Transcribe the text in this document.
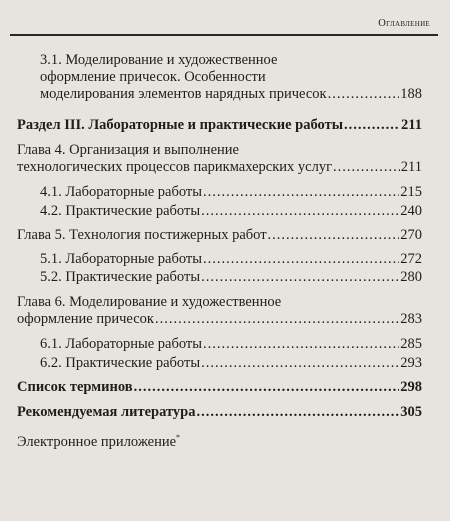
Оглавление
3.1. Моделирование и художественное
оформление причесок. Особенности
моделирования элементов нарядных причесок .....	188
Раздел III. Лабораторные и практические работы .....	211
Глава 4. Организация и выполнение
технологических процессов парикмахерских услуг .....	211
4.1. Лабораторные работы .....	215
4.2. Практические работы .....	240
Глава 5. Технология постижерных работ .....	270
5.1. Лабораторные работы .....	272
5.2. Практические работы .....	280
Глава 6. Моделирование и художественное
оформление причесок .....	283
6.1. Лабораторные работы .....	285
6.2. Практические работы .....	293
Список терминов .....	298
Рекомендуемая литература .....	305
Электронное приложение*
